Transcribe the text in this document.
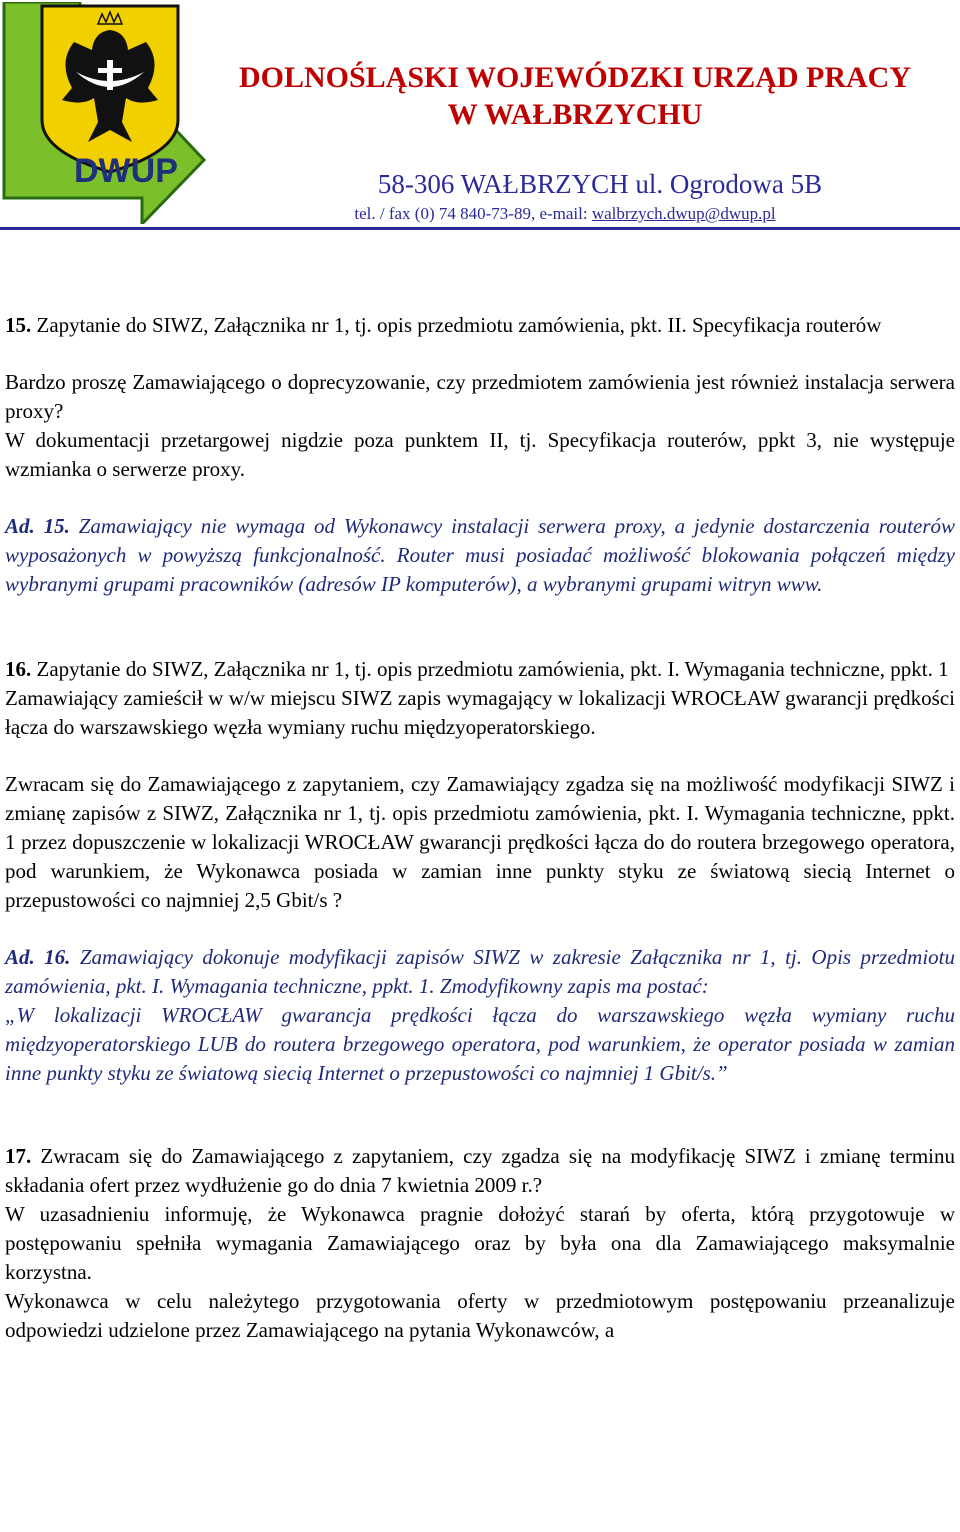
DWUP
DOLNOŚLĄSKI WOJEWÓDZKI URZĄD PRACY
W WAŁBRZYCHU
58-306 WAŁBRZYCH ul. Ogrodowa 5B
tel. / fax (0) 74 840-73-89, e-mail: walbrzych.dwup@dwup.pl

15. Zapytanie do SIWZ, Załącznika nr 1, tj. opis przedmiotu zamówienia, pkt. II. Specyfikacja routerów

Bardzo proszę Zamawiającego o doprecyzowanie, czy przedmiotem zamówienia jest również instalacja serwera proxy?

W dokumentacji przetargowej nigdzie poza punktem II, tj. Specyfikacja routerów, ppkt 3, nie występuje wzmianka o serwerze proxy.

Ad. 15. Zamawiający nie wymaga od Wykonawcy instalacji serwera proxy, a jedynie dostarczenia routerów wyposażonych w powyższą funkcjonalność. Router musi posiadać możliwość blokowania połączeń między wybranymi grupami pracowników (adresów IP komputerów), a wybranymi grupami witryn www.

16. Zapytanie do SIWZ, Załącznika nr 1, tj. opis przedmiotu zamówienia, pkt. I. Wymagania techniczne, ppkt. 1

Zamawiający zamieścił w w/w miejscu SIWZ zapis wymagający w lokalizacji WROCŁAW gwarancji prędkości łącza do warszawskiego węzła wymiany ruchu międzyoperatorskiego.

Zwracam się do Zamawiającego z zapytaniem, czy Zamawiający zgadza się na możliwość modyfikacji SIWZ i zmianę zapisów z SIWZ, Załącznika nr 1, tj. opis przedmiotu zamówienia, pkt. I. Wymagania techniczne, ppkt. 1 przez dopuszczenie w lokalizacji WROCŁAW gwarancji prędkości łącza do do routera brzegowego operatora, pod warunkiem, że Wykonawca posiada w zamian inne punkty styku ze światową siecią Internet o przepustowości co najmniej 2,5 Gbit/s ?

Ad. 16. Zamawiający dokonuje modyfikacji zapisów SIWZ w zakresie Załącznika nr 1, tj. Opis przedmiotu zamówienia, pkt. I. Wymagania techniczne, ppkt. 1. Zmodyfikowny zapis ma postać:

„W lokalizacji WROCŁAW gwarancja prędkości łącza do warszawskiego węzła wymiany ruchu międzyoperatorskiego LUB do routera brzegowego operatora, pod warunkiem, że operator posiada w zamian inne punkty styku ze światową siecią Internet o przepustowości co najmniej 1 Gbit/s.”

17. Zwracam się do Zamawiającego z zapytaniem, czy zgadza się na modyfikację SIWZ i zmianę terminu składania ofert przez wydłużenie go do dnia 7 kwietnia 2009 r.?

W uzasadnieniu informuję, że Wykonawca pragnie dołożyć starań by oferta, którą przygotowuje w postępowaniu spełniła wymagania Zamawiającego oraz by była ona dla Zamawiającego maksymalnie korzystna.

Wykonawca w celu należytego przygotowania oferty w przedmiotowym postępowaniu przeanalizuje odpowiedzi udzielone przez Zamawiającego na pytania Wykonawców, a
